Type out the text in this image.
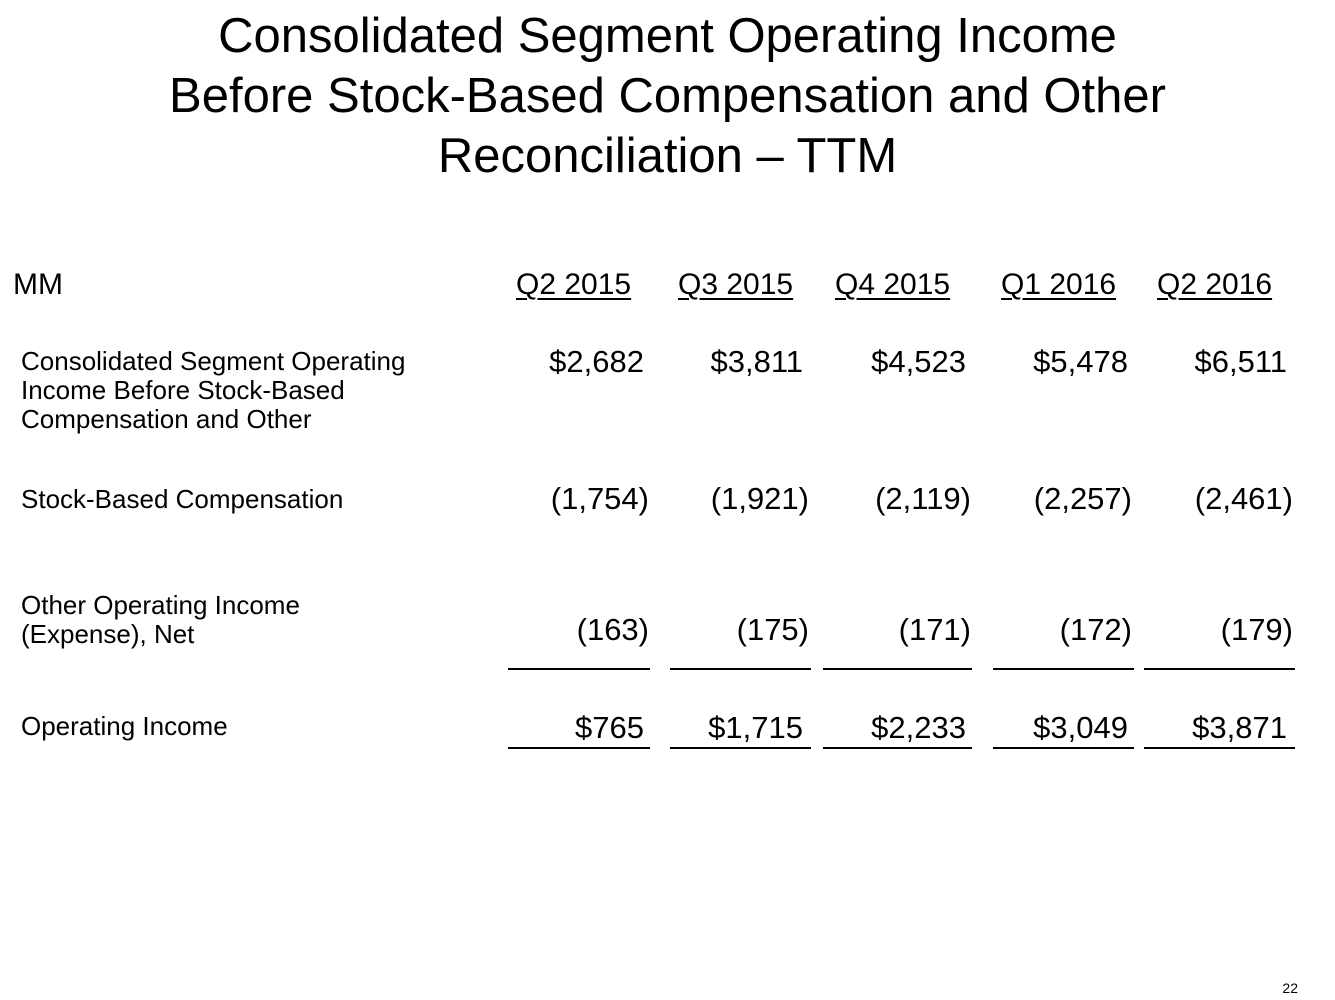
Consolidated Segment Operating Income
Before Stock-Based Compensation and Other
Reconciliation – TTM
MM	Q2 2015 Q3 2015 Q4 2015 Q1 2016 Q2 2016
Consolidated Segment Operating
Income Before Stock-Based
Compensation and Other
$2,682 $3,811 $4,523 $5,478 $6,511
Stock-Based Compensation	(1,754) (1,921) (2,119) (2,257) (2,461)
Other Operating Income
(Expense), Net	(163)	(175)	(171)	(172)	(179)
Operating Income	$765 $1,715 $2,233 $3,049 $3,871
22
